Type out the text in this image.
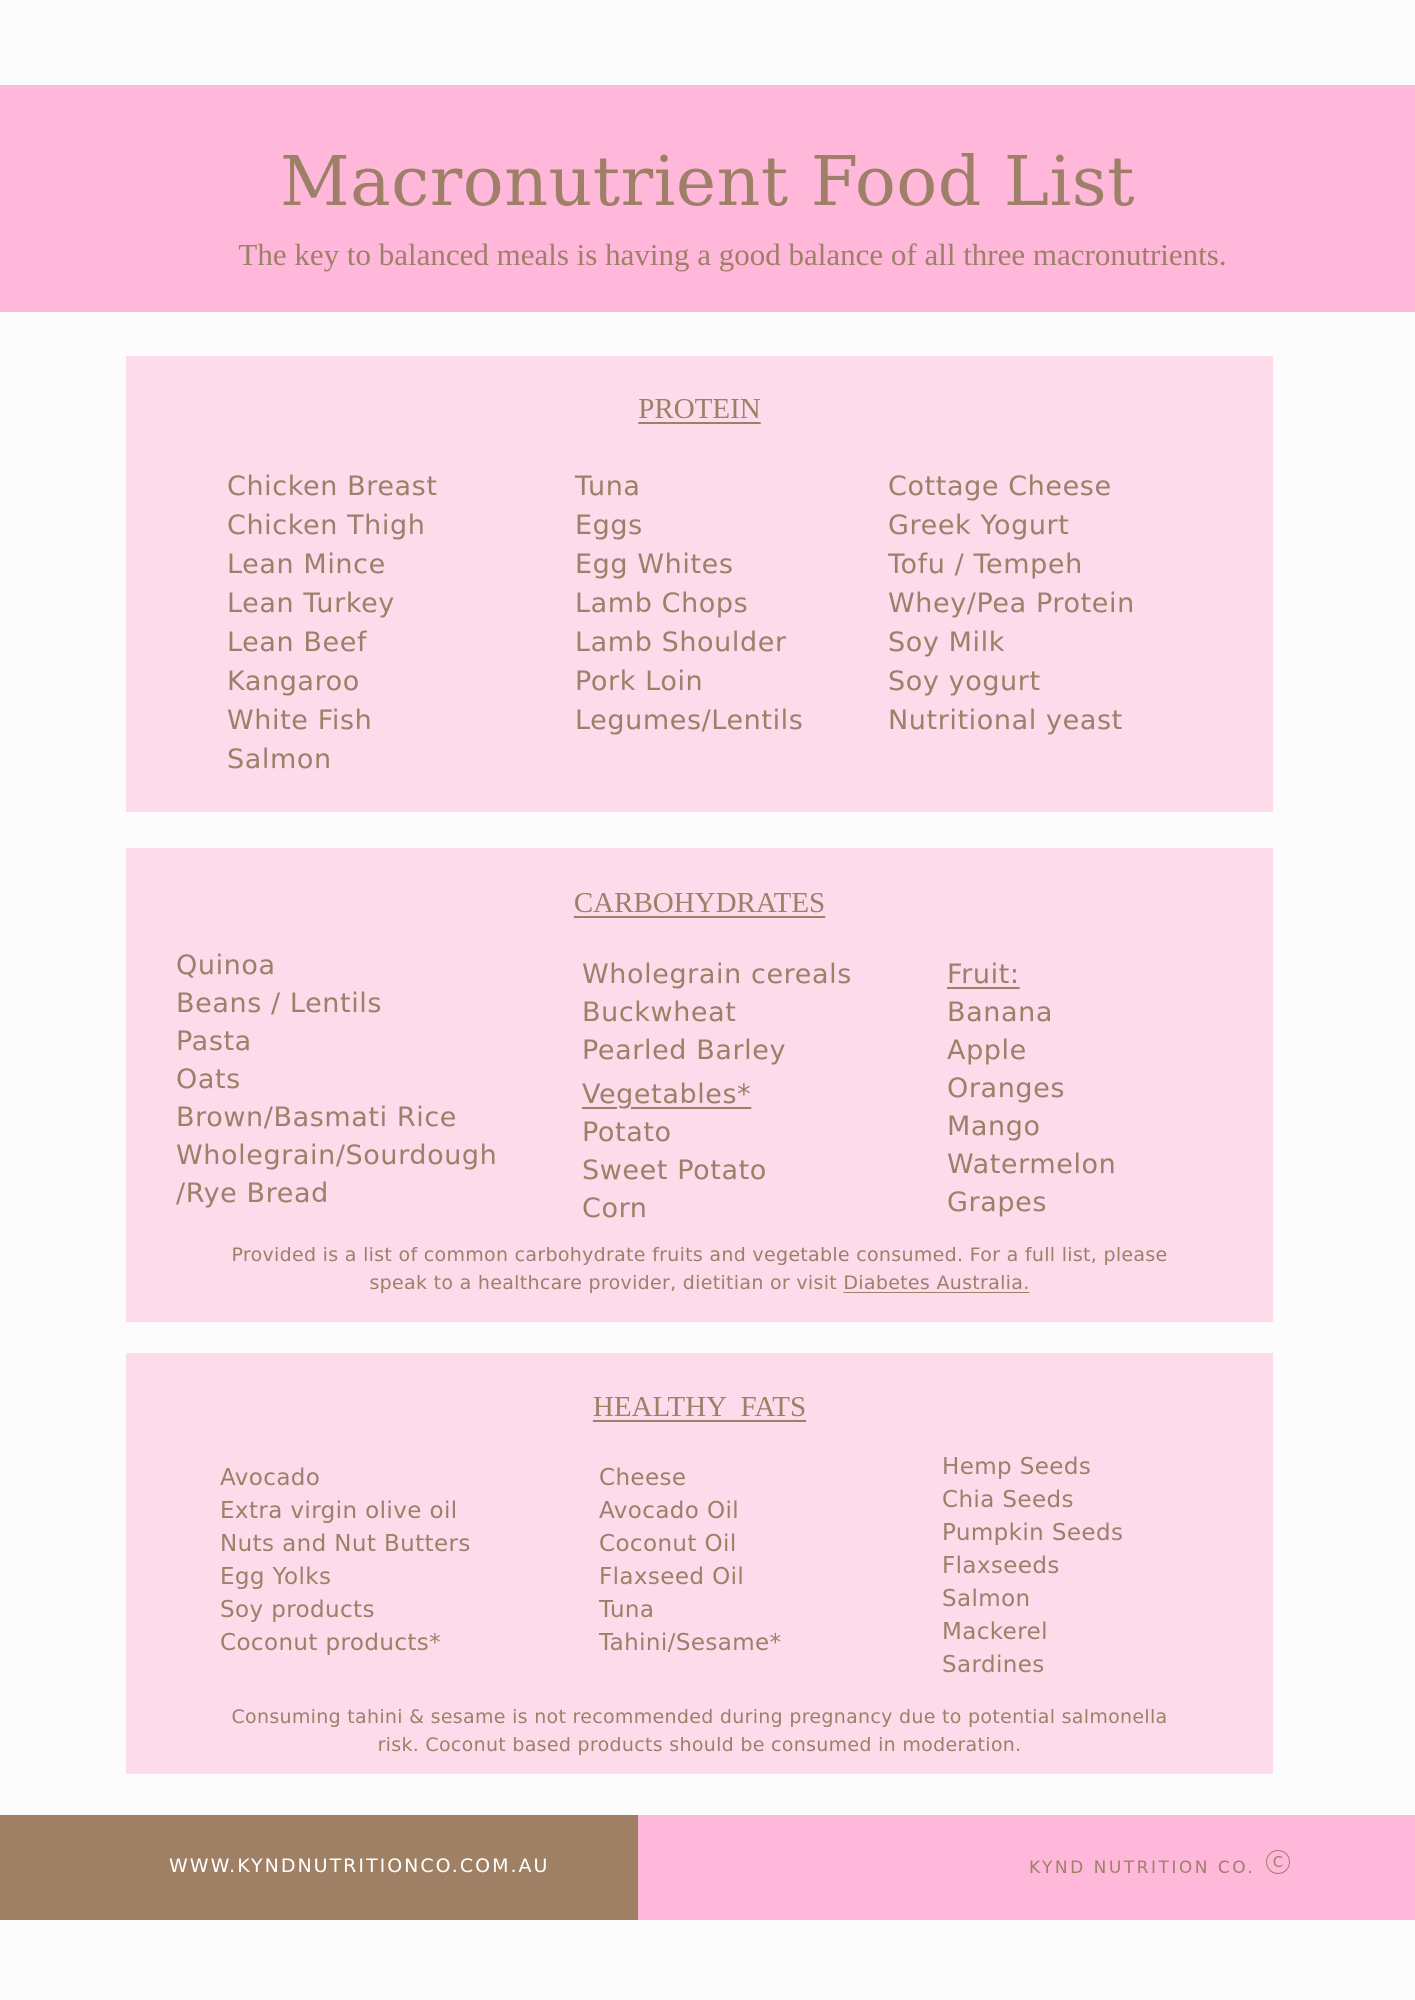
Macronutrient Food List
The key to balanced meals is having a good balance of all three macronutrients.
PROTEIN
Chicken Breast
Chicken Thigh
Lean Mince
Lean Turkey
Lean Beef
Kangaroo
White Fish
Salmon
Tuna
Eggs
Egg Whites
Lamb Chops
Lamb Shoulder
Pork Loin
Legumes/Lentils
Cottage Cheese
Greek Yogurt
Tofu / Tempeh
Whey/Pea Protein
Soy Milk
Soy yogurt
Nutritional yeast
CARBOHYDRATES
Quinoa
Beans / Lentils
Pasta
Oats
Brown/Basmati Rice
Wholegrain/Sourdough
/Rye Bread
Wholegrain cereals
Buckwheat
Pearled Barley
Vegetables*
Potato
Sweet Potato
Corn
Fruit:
Banana
Apple
Oranges
Mango
Watermelon
Grapes
Provided is a list of common carbohydrate fruits and vegetable consumed. For a full list, please
speak to a healthcare provider, dietitian or visit Diabetes Australia.
HEALTHY  FATS
Avocado
Extra virgin olive oil
Nuts and Nut Butters
Egg Yolks
Soy products
Coconut products*
Cheese
Avocado Oil
Coconut Oil
Flaxseed Oil
Tuna
Tahini/Sesame*
Hemp Seeds
Chia Seeds
Pumpkin Seeds
Flaxseeds
Salmon
Mackerel
Sardines
Consuming tahini & sesame is not recommended during pregnancy due to potential salmonella
risk. Coconut based products should be consumed in moderation.
WWW.KYNDNUTRITIONCO.COM.AU	KYND NUTRITION CO.	C
